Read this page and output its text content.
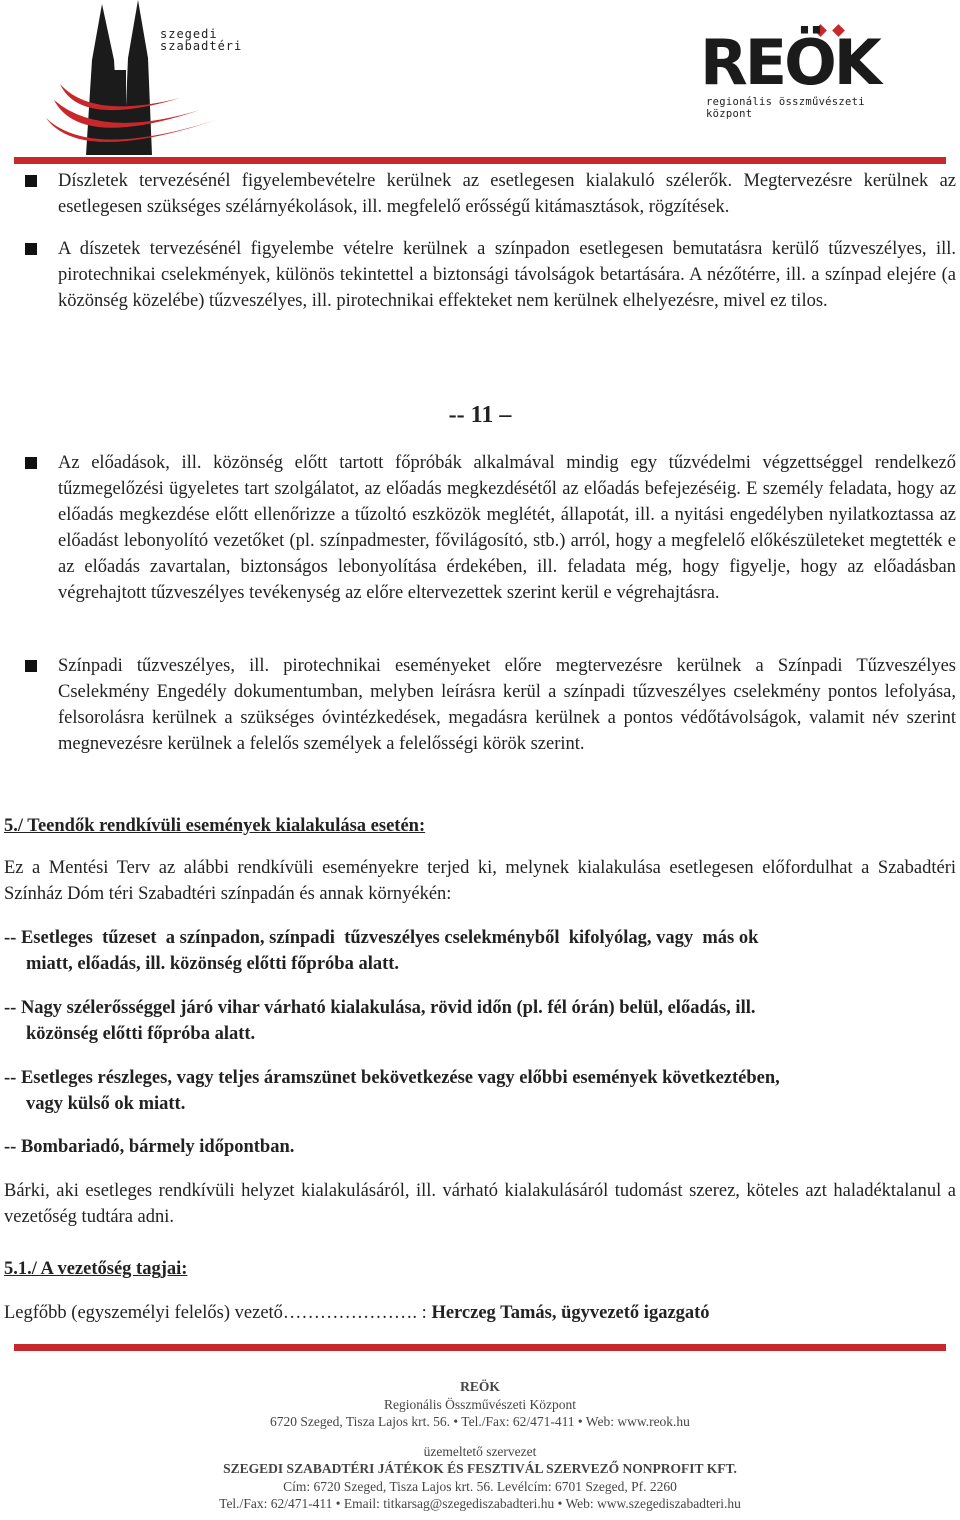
szegedi
szabadtéri	REÖK
regionális összművészeti központ
Díszletek tervezésénél figyelembevételre kerülnek az esetlegesen kialakuló szélerők. Megtervezésre kerülnek az esetlegesen szükséges szélárnyékolások, ill. megfelelő erősségű kitámasztások, rögzítések.
A díszetek tervezésénél figyelembe vételre kerülnek a színpadon esetlegesen bemutatásra kerülő tűzveszélyes, ill. pirotechnikai cselekmények, különös tekintettel a biztonsági távolságok betartására. A nézőtérre, ill. a színpad elejére (a közönség közelébe) tűzveszélyes, ill. pirotechnikai effekteket nem kerülnek elhelyezésre, mivel ez tilos.
-- 11 –
Az előadások, ill. közönség előtt tartott főpróbák alkalmával mindig egy tűzvédelmi végzettséggel rendelkező tűzmegelőzési ügyeletes tart szolgálatot, az előadás megkezdésétől az előadás befejezéséig. E személy feladata, hogy az előadás megkezdése előtt ellenőrizze a tűzoltó eszközök meglétét, állapotát, ill. a nyitási engedélyben nyilatkoztassa az előadást lebonyolító vezetőket (pl. színpadmester, fővilágosító, stb.) arról, hogy a megfelelő előkészületeket megtették e az előadás zavartalan, biztonságos lebonyolítása érdekében, ill. feladata még, hogy figyelje, hogy az előadásban végrehajtott tűzveszélyes tevékenység az előre eltervezettek szerint kerül e végrehajtásra.
Színpadi tűzveszélyes, ill. pirotechnikai eseményeket előre megtervezésre kerülnek a Színpadi Tűzveszélyes Cselekmény Engedély dokumentumban, melyben leírásra kerül a színpadi tűzveszélyes cselekmény pontos lefolyása, felsorolásra kerülnek a szükséges óvintézkedések, megadásra kerülnek a pontos védőtávolságok, valamit név szerint megnevezésre kerülnek a felelős személyek a felelősségi körök szerint.
5./ Teendők rendkívüli események kialakulása esetén:
Ez a Mentési Terv az alábbi rendkívüli eseményekre terjed ki, melynek kialakulása esetlegesen előfordulhat a Szabadtéri Színház Dóm téri Szabadtéri színpadán és annak környékén:
-- Esetleges  tűzeset  a színpadon, színpadi  tűzveszélyes cselekményből  kifolyólag, vagy  más ok
miatt, előadás, ill. közönség előtti főpróba alatt.
-- Nagy szélerősséggel járó vihar várható kialakulása, rövid időn (pl. fél órán) belül, előadás, ill.
közönség előtti főpróba alatt.
-- Esetleges részleges, vagy teljes áramszünet bekövetkezése vagy előbbi események következtében,
vagy külső ok miatt.
-- Bombariadó, bármely időpontban.
Bárki, aki esetleges rendkívüli helyzet kialakulásáról, ill. várható kialakulásáról tudomást szerez, köteles azt haladéktalanul a vezetőség tudtára adni.
5.1./ A vezetőség tagjai:
Legfőbb (egyszemélyi felelős) vezető…………………. : Herczeg Tamás, ügyvezető igazgató
REÖK
Regionális Összművészeti Központ
6720 Szeged, Tisza Lajos krt. 56. • Tel./Fax: 62/471-411 • Web: www.reok.hu
üzemeltető szervezet
SZEGEDI SZABADTÉRI JÁTÉKOK ÉS FESZTIVÁL SZERVEZŐ NONPROFIT KFT.
Cím: 6720 Szeged, Tisza Lajos krt. 56. Levélcím: 6701 Szeged, Pf. 2260
Tel./Fax: 62/471-411 • Email: titkarsag@szegediszabadteri.hu • Web: www.szegediszabadteri.hu
